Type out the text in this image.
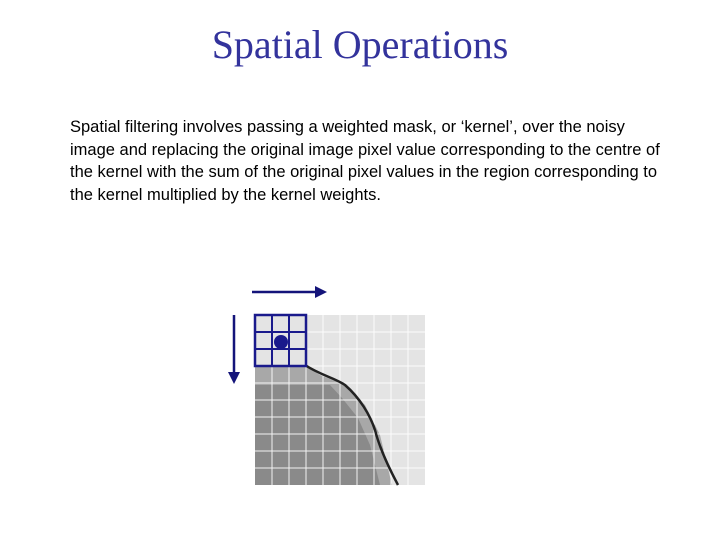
Spatial Operations
Spatial filtering involves passing a weighted mask, or ‘kernel’, over the noisy image and replacing the original image pixel value corresponding to the centre of the kernel with the sum of the original pixel values in the region corresponding to the kernel multiplied by the kernel weights.
